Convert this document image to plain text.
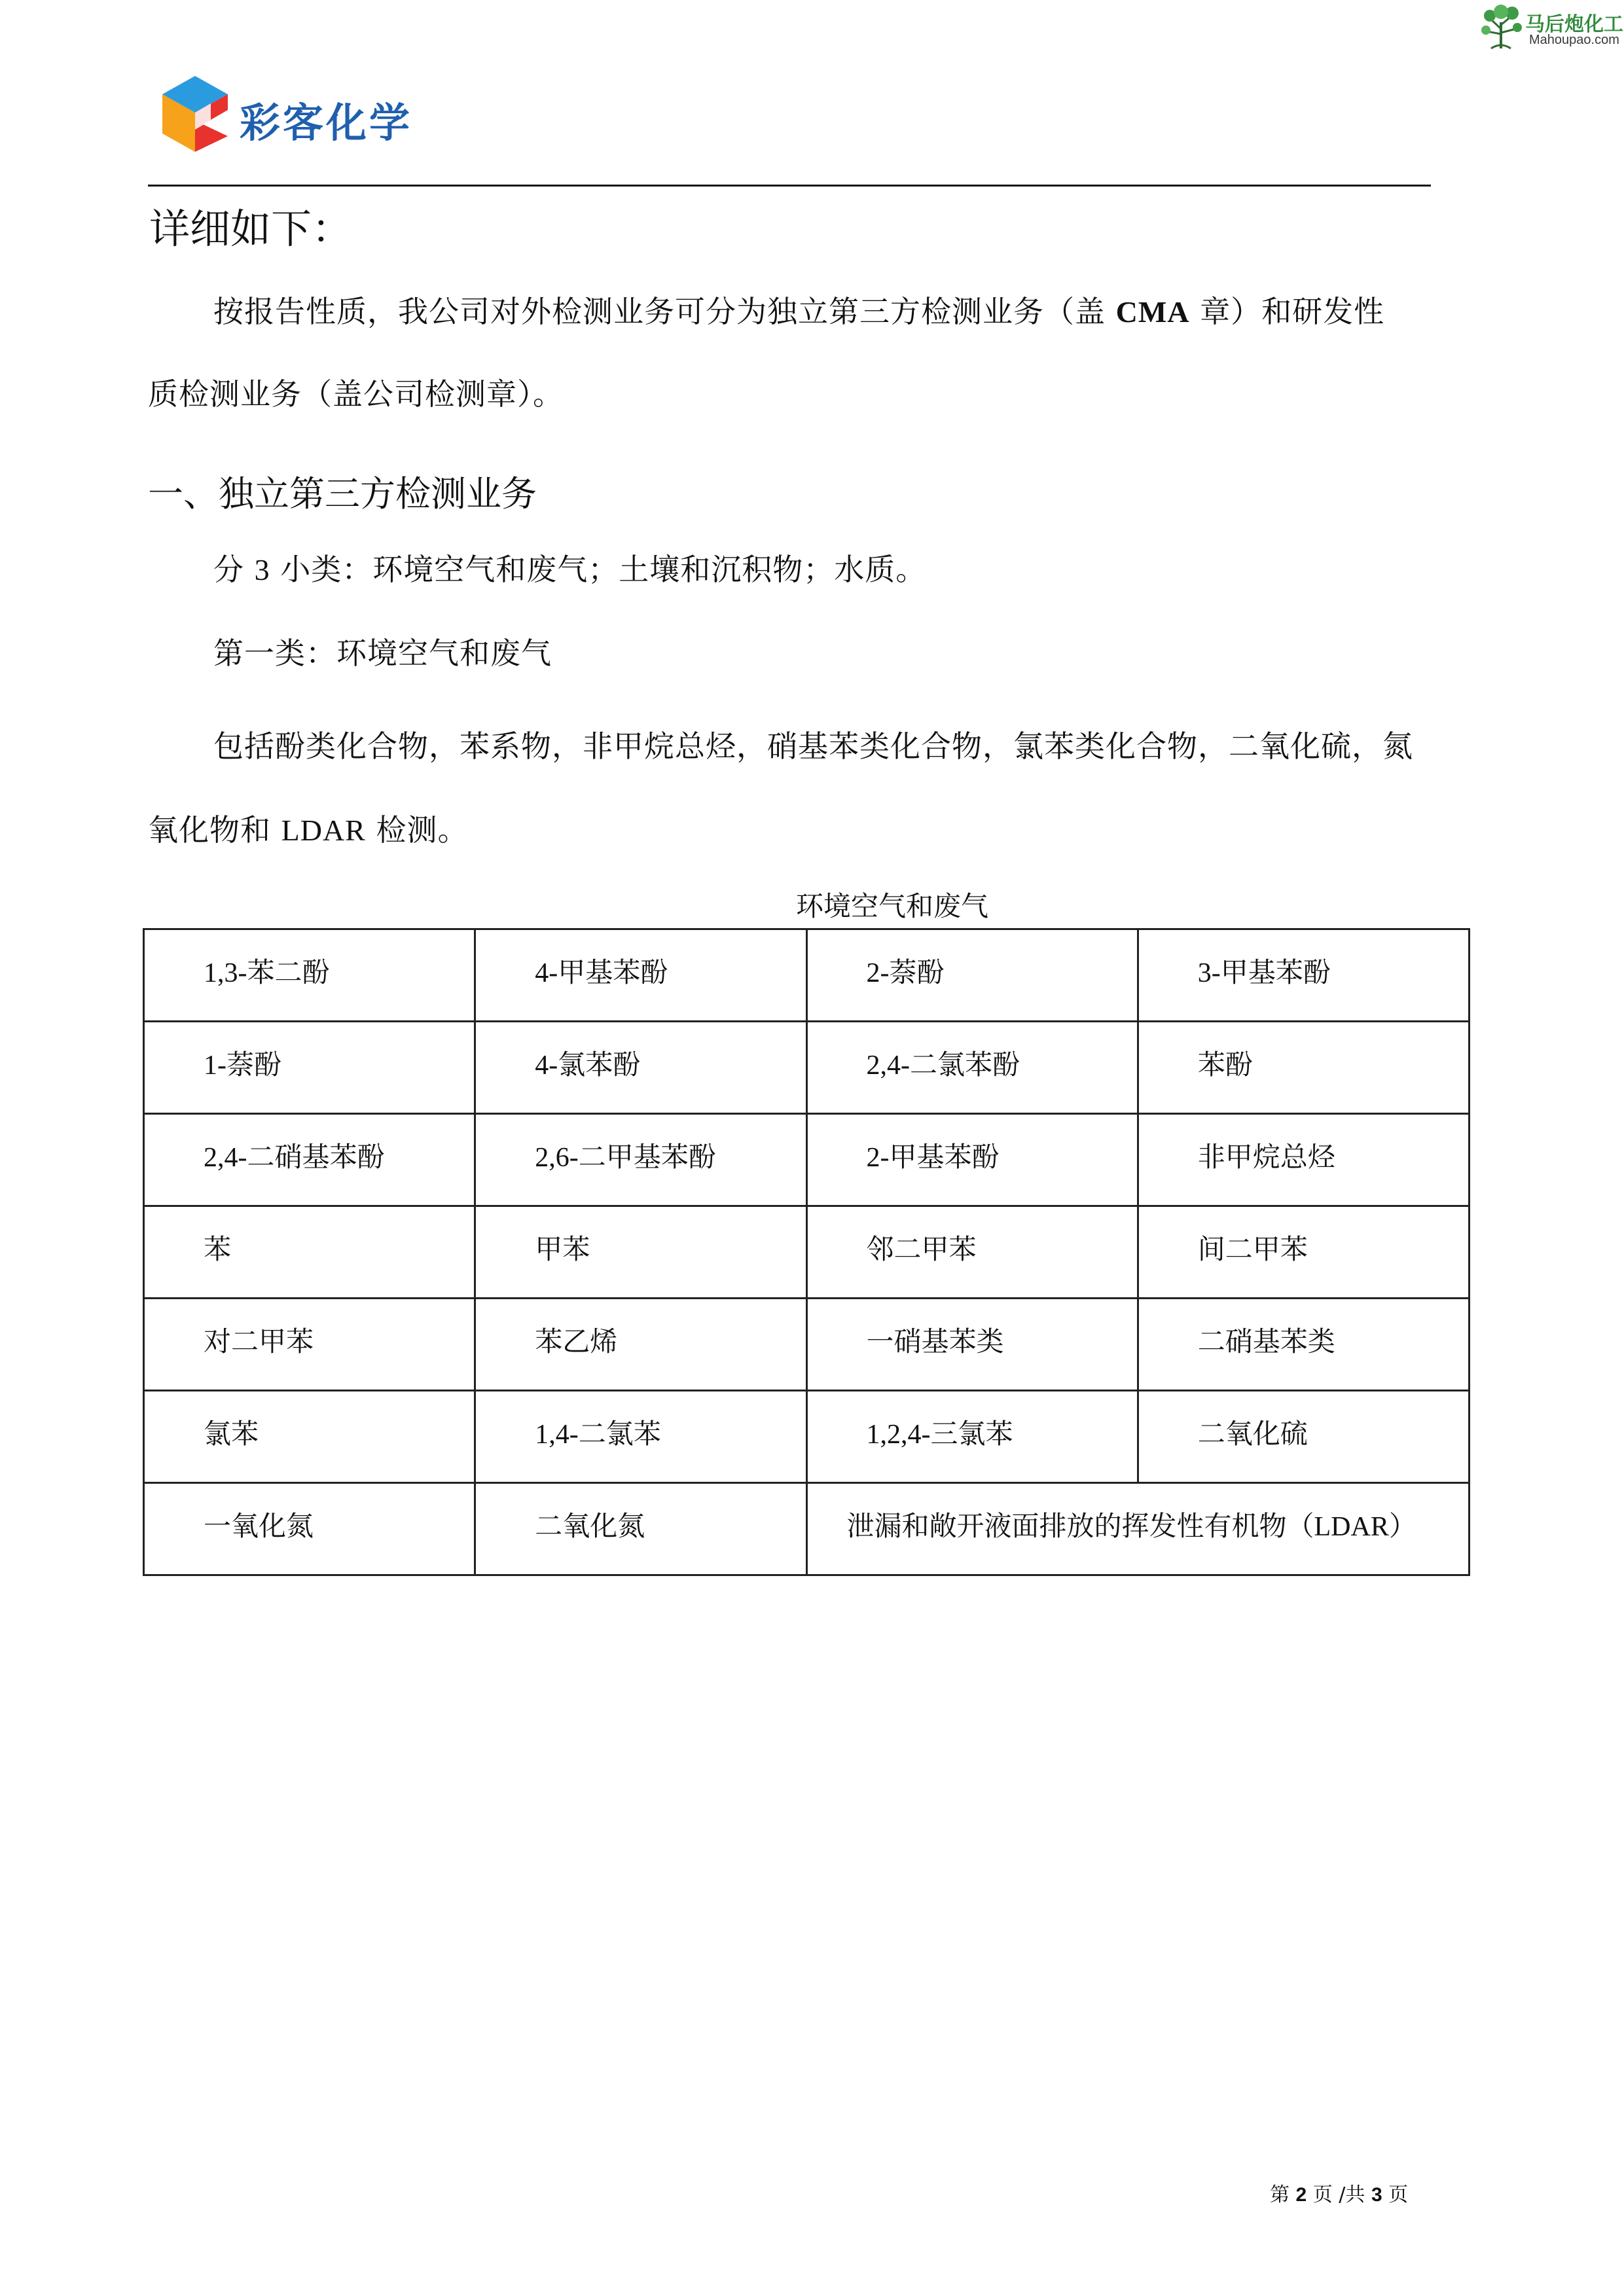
马后炮化工
Mahoupao.com
彩客化学
详细如下：
按报告性质，我公司对外检测业务可分为独立第三方检测业务（盖 CMA 章）和研发性
质检测业务（盖公司检测章）。
一、独立第三方检测业务
分 3 小类：环境空气和废气；土壤和沉积物；水质。
第一类：环境空气和废气
包括酚类化合物，苯系物，非甲烷总烃，硝基苯类化合物，氯苯类化合物，二氧化硫，氮
氧化物和 LDAR 检测。
环境空气和废气
1,3-苯二酚	4-甲基苯酚	2-萘酚	3-甲基苯酚
1-萘酚	4-氯苯酚	2,4-二氯苯酚	苯酚
2,4-二硝基苯酚	2,6-二甲基苯酚	2-甲基苯酚	非甲烷总烃
苯	甲苯	邻二甲苯	间二甲苯
对二甲苯	苯乙烯	一硝基苯类	二硝基苯类
氯苯	1,4-二氯苯	1,2,4-三氯苯	二氧化硫
一氧化氮	二氧化氮	泄漏和敞开液面排放的挥发性有机物（LDAR）	
第 2 页 /共 3 页
